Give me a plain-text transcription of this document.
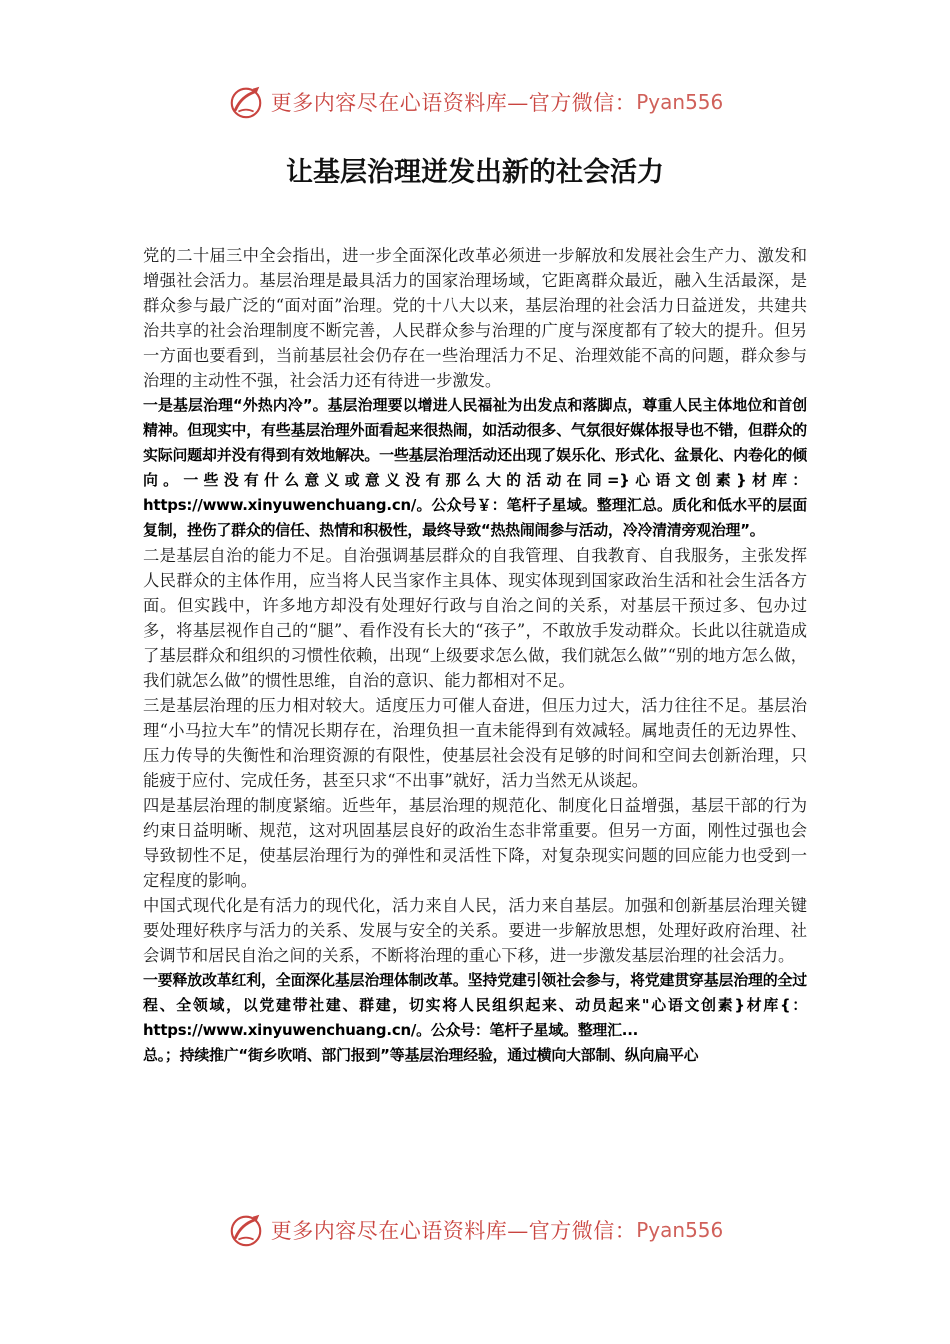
更多内容尽在心语资料库—官方微信： Pyan556
让基层治理迸发出新的社会活力

党的二十届三中全会指出，进一步全面深化改革必须进一步解放和发展社会生产力、激发和增强社会活力。基层治理是最具活力的国家治理场域，它距离群众最近，融入生活最深，是群众参与最广泛的“面对面”治理。党的十八大以来，基层治理的社会活力日益迸发，共建共治共享的社会治理制度不断完善，人民群众参与治理的广度与深度都有了较大的提升。但另一方面也要看到，当前基层社会仍存在一些治理活力不足、治理效能不高的问题，群众参与治理的主动性不强，社会活力还有待进一步激发。

一是基层治理“外热内冷”。基层治理要以增进人民福祉为出发点和落脚点，尊重人民主体地位和首创精神。但现实中，有些基层治理外面看起来很热闹，如活动很多、气氛很好媒体报导也不错，但群众的实际问题却并没有得到有效地解决。一些基层治理活动还出现了娱乐化、形式化、盆景化、内卷化的倾向。一些没有什么意义或意义没有那么大的活动在同=}心语文创素}材库：https://www.xinyuwenchuang.cn/。公众号￥：笔杆子星域。整理汇总。质化和低水平的层面复制，挫伤了群众的信任、热情和积极性，最终导致“热热闹闹参与活动，冷冷清清旁观治理”。

二是基层自治的能力不足。自治强调基层群众的自我管理、自我教育、自我服务，主张发挥人民群众的主体作用，应当将人民当家作主具体、现实体现到国家政治生活和社会生活各方面。但实践中，许多地方却没有处理好行政与自治之间的关系，对基层干预过多、包办过多，将基层视作自己的“腿”、看作没有长大的“孩子”，不敢放手发动群众。长此以往就造成了基层群众和组织的习惯性依赖，出现“上级要求怎么做，我们就怎么做”“别的地方怎么做，我们就怎么做”的惯性思维，自治的意识、能力都相对不足。

三是基层治理的压力相对较大。适度压力可催人奋进，但压力过大，活力往往不足。基层治理“小马拉大车”的情况长期存在，治理负担一直未能得到有效减轻。属地责任的无边界性、压力传导的失衡性和治理资源的有限性，使基层社会没有足够的时间和空间去创新治理，只能疲于应付、完成任务，甚至只求“不出事”就好，活力当然无从谈起。

四是基层治理的制度紧缩。近些年，基层治理的规范化、制度化日益增强，基层干部的行为约束日益明晰、规范，这对巩固基层良好的政治生态非常重要。但另一方面，刚性过强也会导致韧性不足，使基层治理行为的弹性和灵活性下降，对复杂现实问题的回应能力也受到一定程度的影响。

中国式现代化是有活力的现代化，活力来自人民，活力来自基层。加强和创新基层治理关键要处理好秩序与活力的关系、发展与安全的关系。要进一步解放思想，处理好政府治理、社会调节和居民自治之间的关系，不断将治理的重心下移，进一步激发基层治理的社会活力。

一要释放改革红利，全面深化基层治理体制改革。坚持党建引领社会参与，将党建贯穿基层治理的全过程、全领域，以党建带社建、群建，切实将人民组织起来、动员起来"心语文创素}材库{：https://www.xinyuwenchuang.cn/。公众号：笔杆子星域。整理汇...

总。；持续推广“街乡吹哨、部门报到”等基层治理经验，通过横向大部制、纵向扁平心

更多内容尽在心语资料库—官方微信： Pyan556
